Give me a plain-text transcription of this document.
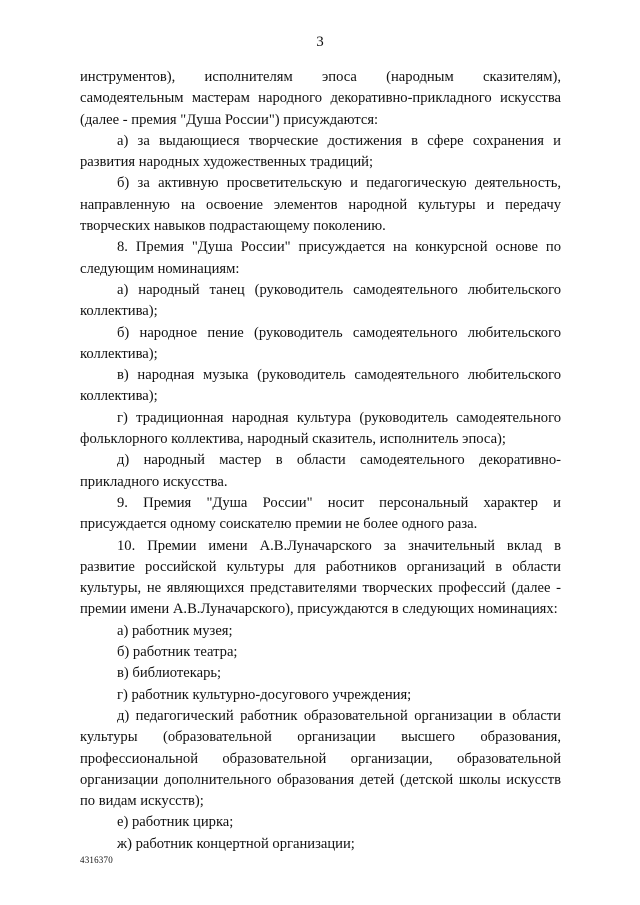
3

инструментов), исполнителям эпоса (народным сказителям), самодеятельным мастерам народного декоративно-прикладного искусства (далее - премия "Душа России") присуждаются:

а) за выдающиеся творческие достижения в сфере сохранения и развития народных художественных традиций;

б) за активную просветительскую и педагогическую деятельность, направленную на освоение элементов народной культуры и передачу творческих навыков подрастающему поколению.

8. Премия "Душа России" присуждается на конкурсной основе по следующим номинациям:

а) народный танец (руководитель самодеятельного любительского коллектива);

б) народное пение (руководитель самодеятельного любительского коллектива);

в) народная музыка (руководитель самодеятельного любительского коллектива);

г) традиционная народная культура (руководитель самодеятельного фольклорного коллектива, народный сказитель, исполнитель эпоса);

д) народный мастер в области самодеятельного декоративно-прикладного искусства.

9. Премия "Душа России" носит персональный характер и присуждается одному соискателю премии не более одного раза.

10. Премии имени А.В.Луначарского за значительный вклад в развитие российской культуры для работников организаций в области культуры, не являющихся представителями творческих профессий (далее - премии имени А.В.Луначарского), присуждаются в следующих номинациях:

а) работник музея;

б) работник театра;

в) библиотекарь;

г) работник культурно-досугового учреждения;

д) педагогический работник образовательной организации в области культуры (образовательной организации высшего образования, профессиональной образовательной организации, образовательной организации дополнительного образования детей (детской школы искусств по видам искусств);

е) работник цирка;

ж) работник концертной организации;

4316370
